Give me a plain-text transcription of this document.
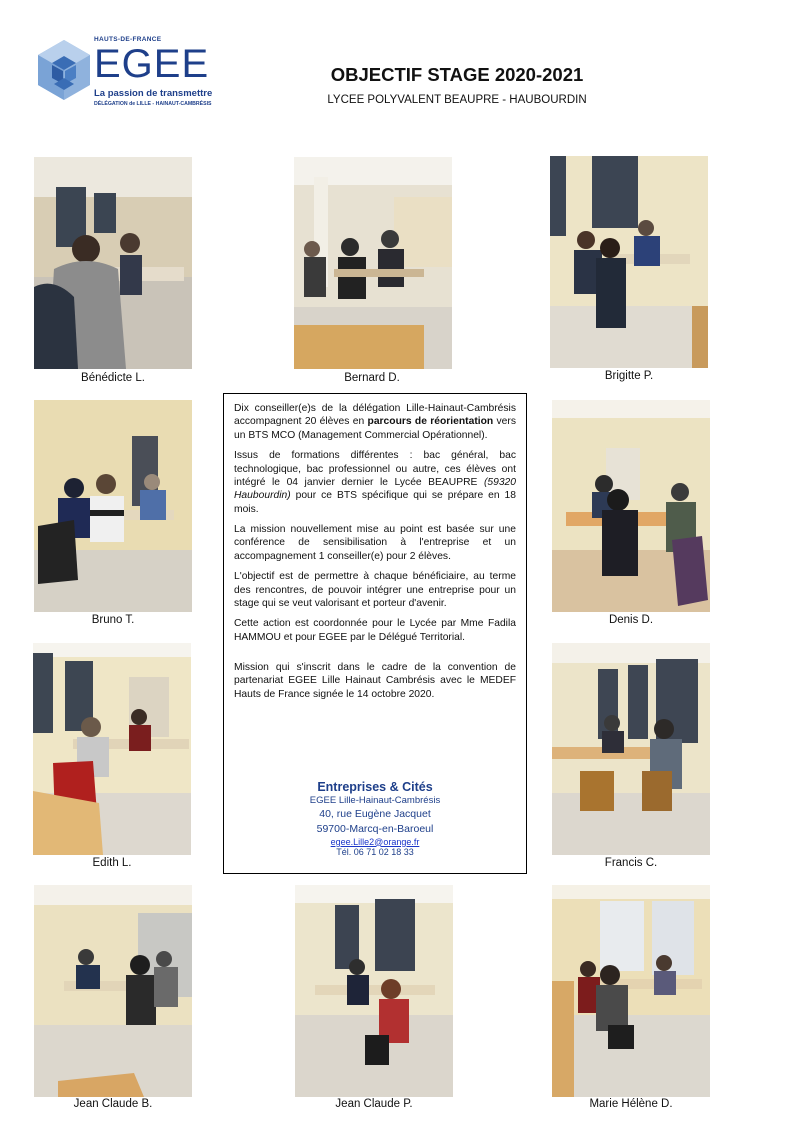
HAUTS-DE-FRANCE
EGEE
La passion de transmettre
DÉLÉGATION de LILLE - HAINAUT-CAMBRÉSIS
OBJECTIF STAGE 2020-2021
LYCEE POLYVALENT BEAUPRE - HAUBOURDIN
Bénédicte L.	Bernard D.	Brigitte P.
Bruno T.	Denis D.
Edith L.	Francis C.
Jean Claude B.	Jean Claude P.	Marie Hélène D.

Dix conseiller(e)s de la délégation Lille-Hainaut-Cambrésis accompagnent 20 élèves en parcours de réorientation vers un BTS MCO (Management Commercial Opérationnel).

Issus de formations différentes : bac général, bac technologique, bac professionnel ou autre, ces élèves ont intégré le 04 janvier dernier le Lycée BEAUPRE (59320 Haubourdin) pour ce BTS spécifique qui se prépare en 18 mois.

La mission nouvellement mise au point est basée sur une conférence de sensibilisation à l'entreprise et un accompagnement 1 conseiller(e) pour 2 élèves.

L'objectif est de permettre à chaque bénéficiaire, au terme des rencontres, de pouvoir intégrer une entreprise pour un stage qui se veut valorisant et porteur d'avenir.

Cette action est coordonnée pour le Lycée par Mme Fadila HAMMOU et pour EGEE par le Délégué Territorial.

Mission qui s'inscrit dans le cadre de la convention de partenariat EGEE Lille Hainaut Cambrésis avec le MEDEF Hauts de France signée le 14 octobre 2020.

Entreprises & Cités
EGEE Lille-Hainaut-Cambrésis
40, rue Eugène Jacquet
59700-Marcq-en-Baroeul
egee.Lille2@orange.fr
Tél. 06 71 02 18 33
